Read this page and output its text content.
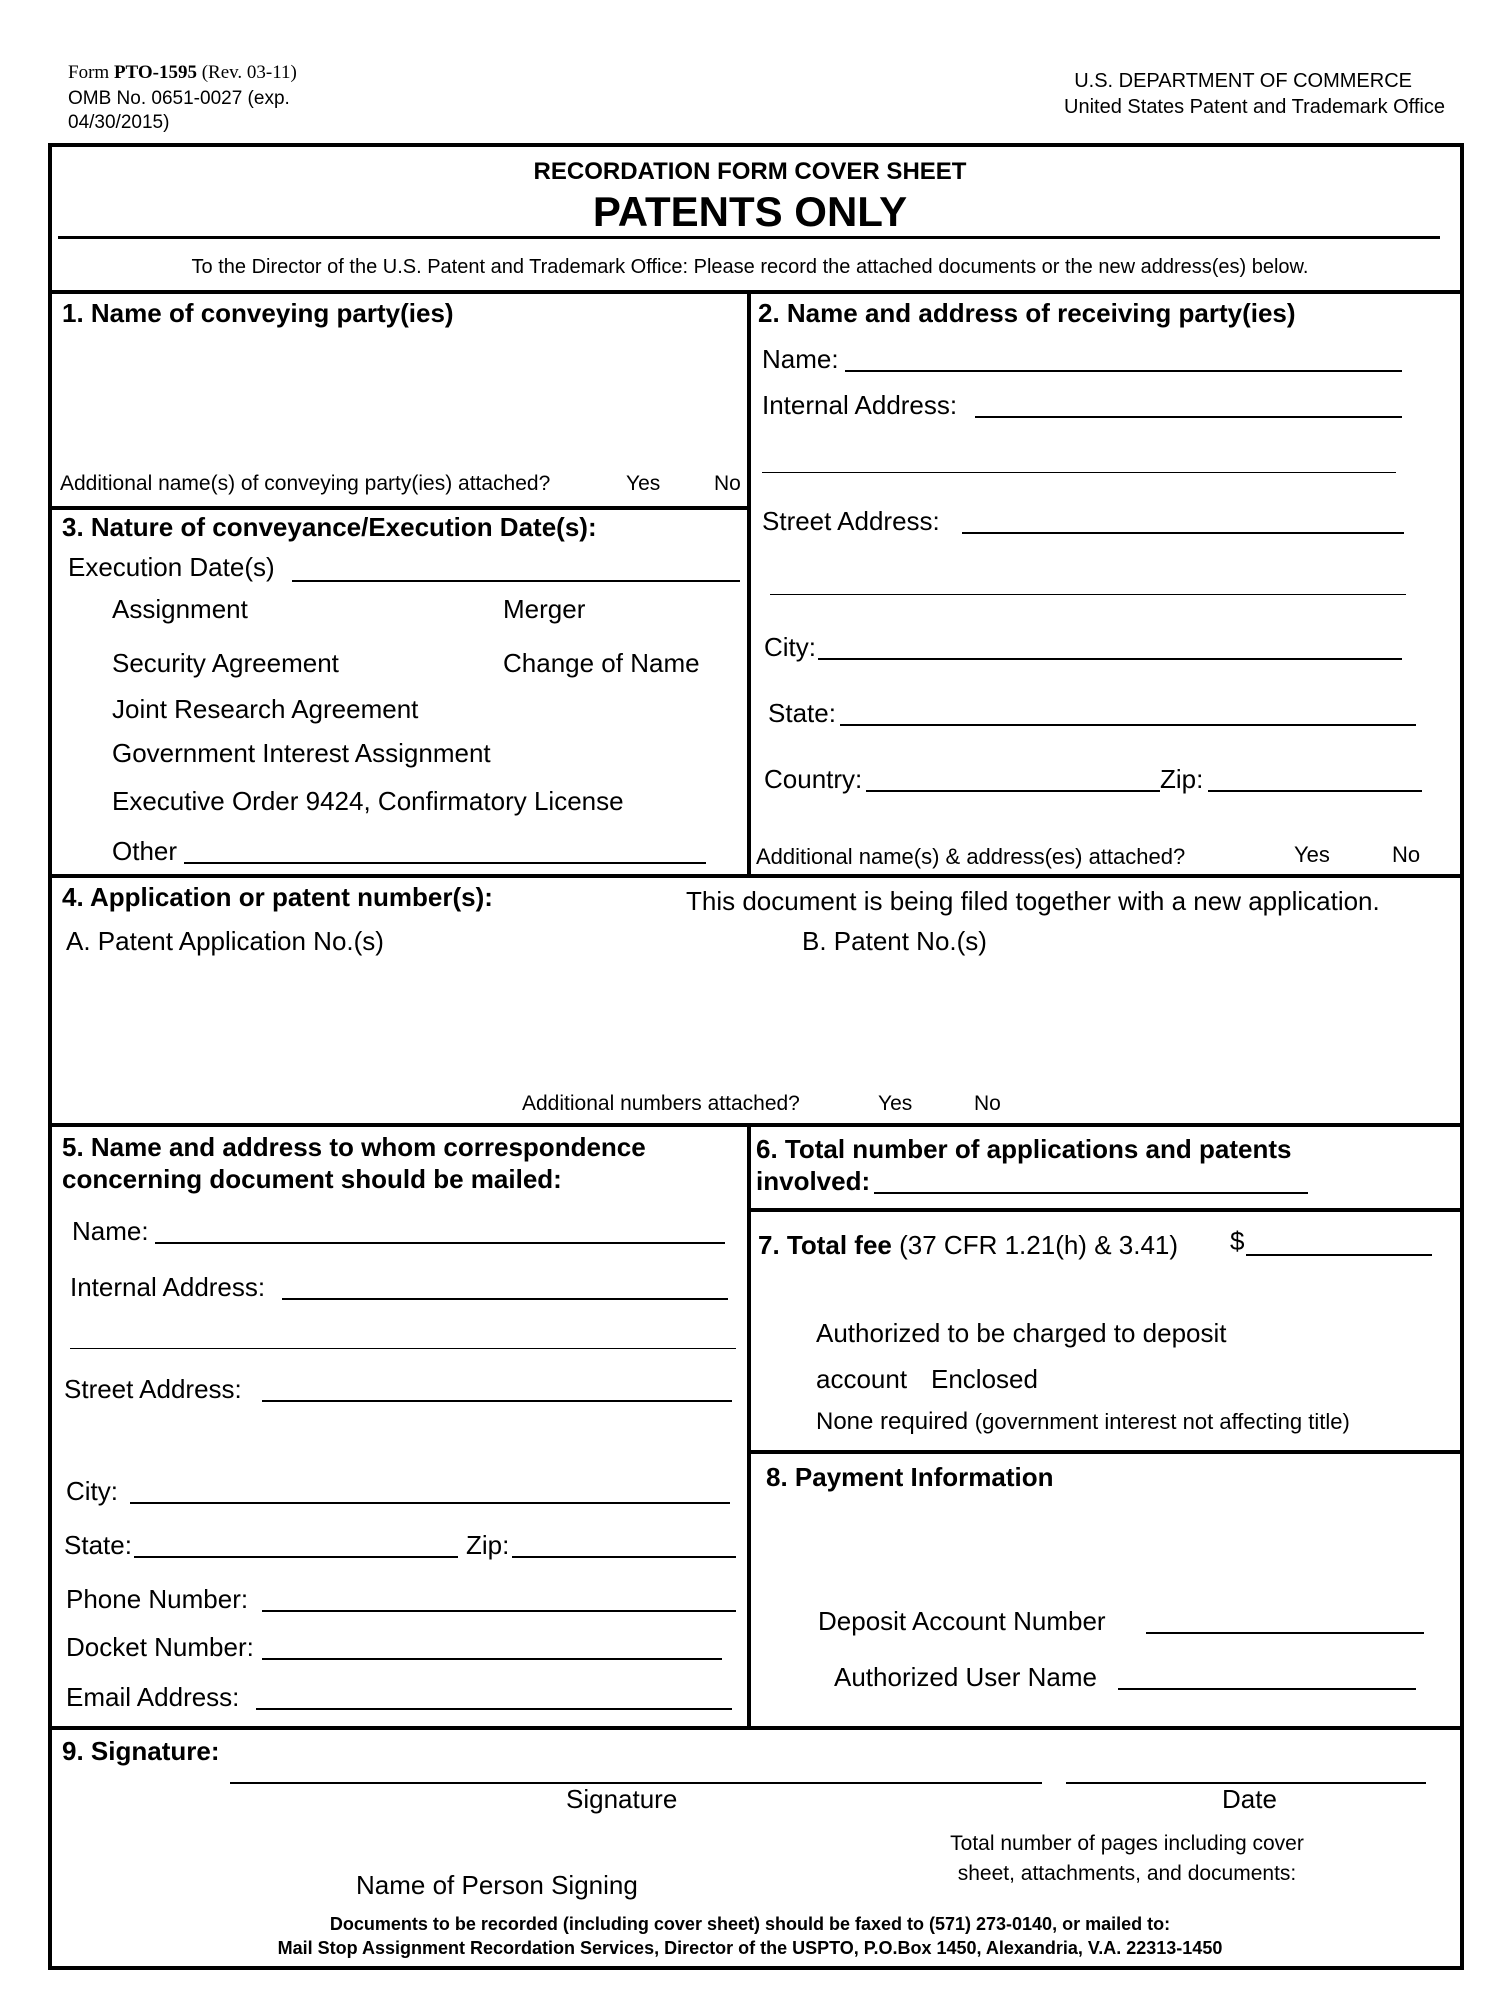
Form PTO-1595 (Rev. 03-11)
OMB No. 0651-0027 (exp.
04/30/2015)
U.S. DEPARTMENT OF COMMERCE
United States Patent and Trademark Office
RECORDATION FORM COVER SHEET
PATENTS ONLY
To the Director of the U.S. Patent and Trademark Office: Please record the attached documents or the new address(es) below.
1. Name of conveying party(ies)
Additional name(s) of conveying party(ies) attached?	Yes	No
2. Name and address of receiving party(ies)
Name:
Internal Address:
Street Address:
City:
State:
Country:	Zip:
Additional name(s) & address(es) attached?	Yes	No
3. Nature of conveyance/Execution Date(s):
Execution Date(s)
Assignment	Merger
Security Agreement	Change of Name
Joint Research Agreement
Government Interest Assignment
Executive Order 9424, Confirmatory License
Other
4. Application or patent number(s):	This document is being filed together with a new application.
A. Patent Application No.(s)	B. Patent No.(s)
Additional numbers attached?	Yes	No
5. Name and address to whom correspondence
concerning document should be mailed:
Name:
Internal Address:
Street Address:
City:
State:	Zip:
Phone Number:
Docket Number:
Email Address:
6. Total number of applications and patents
involved:
7. Total fee (37 CFR 1.21(h) & 3.41) $
Authorized to be charged to deposit
account Enclosed
None required (government interest not affecting title)
8. Payment Information
Deposit Account Number
Authorized User Name
9. Signature:
Signature	Date
Total number of pages including cover
sheet, attachments, and documents:
Name of Person Signing
Documents to be recorded (including cover sheet) should be faxed to (571) 273-0140, or mailed to:
Mail Stop Assignment Recordation Services, Director of the USPTO, P.O.Box 1450, Alexandria, V.A. 22313-1450
